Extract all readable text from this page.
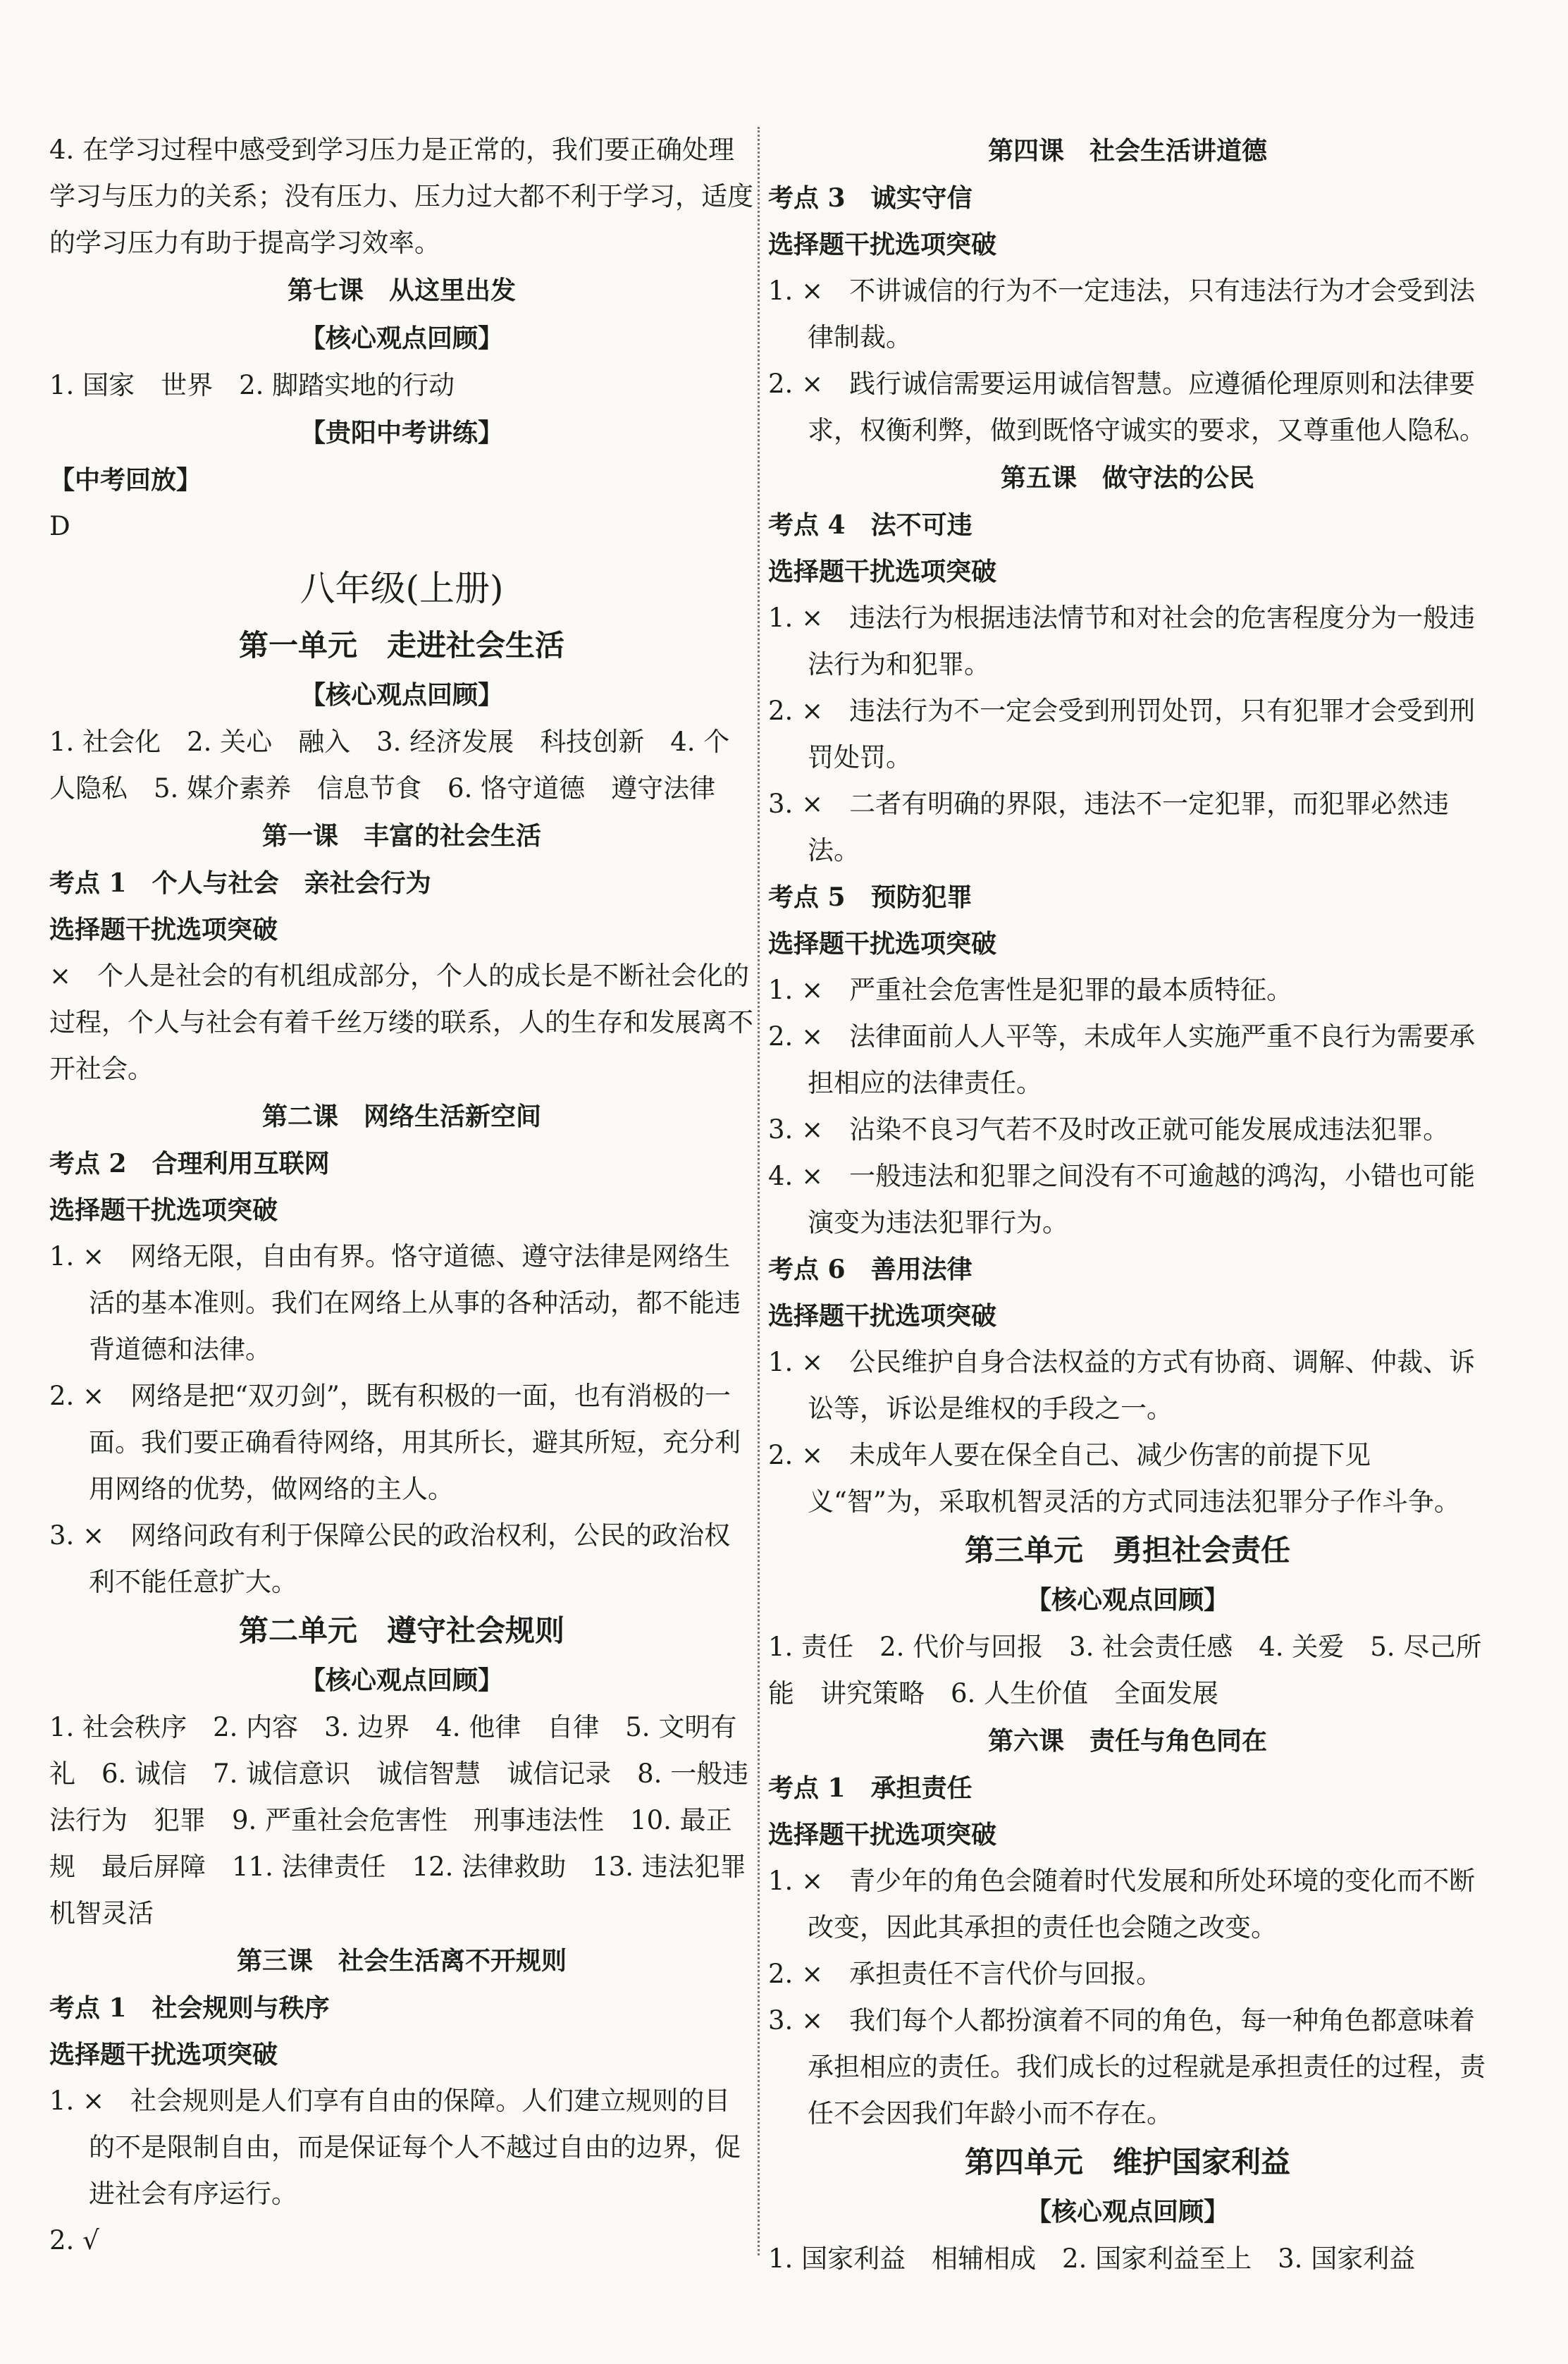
4. 在学习过程中感受到学习压力是正常的，我们要正确处理学习与压力的关系；没有压力、压力过大都不利于学习，适度的学习压力有助于提高学习效率。
第七课　从这里出发
【核心观点回顾】
1. 国家　世界　2. 脚踏实地的行动
【贵阳中考讲练】
【中考回放】
D
八年级(上册)
第一单元　走进社会生活
【核心观点回顾】
1. 社会化　2. 关心　融入　3. 经济发展　科技创新　4. 个人隐私　5. 媒介素养　信息节食　6. 恪守道德　遵守法律
第一课　丰富的社会生活
考点 1 个人与社会　亲社会行为
选择题干扰选项突破
×　个人是社会的有机组成部分，个人的成长是不断社会化的过程，个人与社会有着千丝万缕的联系，人的生存和发展离不开社会。
第二课　网络生活新空间
考点 2 合理利用互联网
选择题干扰选项突破
1. ×　网络无限，自由有界。恪守道德、遵守法律是网络生活的基本准则。我们在网络上从事的各种活动，都不能违背道德和法律。
2. ×　网络是把“双刃剑”，既有积极的一面，也有消极的一面。我们要正确看待网络，用其所长，避其所短，充分利用网络的优势，做网络的主人。
3. ×　网络问政有利于保障公民的政治权利，公民的政治权利不能任意扩大。
第二单元　遵守社会规则
【核心观点回顾】
1. 社会秩序　2. 内容　3. 边界　4. 他律　自律　5. 文明有礼　6. 诚信　7. 诚信意识　诚信智慧　诚信记录　8. 一般违法行为　犯罪　9. 严重社会危害性　刑事违法性　10. 最正规　最后屏障　11. 法律责任　12. 法律救助　13. 违法犯罪　机智灵活
第三课　社会生活离不开规则
考点 1 社会规则与秩序
选择题干扰选项突破
1. ×　社会规则是人们享有自由的保障。人们建立规则的目的不是限制自由，而是保证每个人不越过自由的边界，促进社会有序运行。
2. √
第四课　社会生活讲道德
考点 3 诚实守信
选择题干扰选项突破
1. ×　不讲诚信的行为不一定违法，只有违法行为才会受到法律制裁。
2. ×　践行诚信需要运用诚信智慧。应遵循伦理原则和法律要求，权衡利弊，做到既恪守诚实的要求，又尊重他人隐私。
第五课　做守法的公民
考点 4 法不可违
选择题干扰选项突破
1. ×　违法行为根据违法情节和对社会的危害程度分为一般违法行为和犯罪。
2. ×　违法行为不一定会受到刑罚处罚，只有犯罪才会受到刑罚处罚。
3. ×　二者有明确的界限，违法不一定犯罪，而犯罪必然违法。
考点 5 预防犯罪
选择题干扰选项突破
1. ×　严重社会危害性是犯罪的最本质特征。
2. ×　法律面前人人平等，未成年人实施严重不良行为需要承担相应的法律责任。
3. ×　沾染不良习气若不及时改正就可能发展成违法犯罪。
4. ×　一般违法和犯罪之间没有不可逾越的鸿沟，小错也可能演变为违法犯罪行为。
考点 6 善用法律
选择题干扰选项突破
1. ×　公民维护自身合法权益的方式有协商、调解、仲裁、诉讼等，诉讼是维权的手段之一。
2. ×　未成年人要在保全自己、减少伤害的前提下见义“智”为，采取机智灵活的方式同违法犯罪分子作斗争。
第三单元　勇担社会责任
【核心观点回顾】
1. 责任　2. 代价与回报　3. 社会责任感　4. 关爱　5. 尽己所能　讲究策略　6. 人生价值　全面发展
第六课　责任与角色同在
考点 1 承担责任
选择题干扰选项突破
1. ×　青少年的角色会随着时代发展和所处环境的变化而不断改变，因此其承担的责任也会随之改变。
2. ×　承担责任不言代价与回报。
3. ×　我们每个人都扮演着不同的角色，每一种角色都意味着承担相应的责任。我们成长的过程就是承担责任的过程，责任不会因我们年龄小而不存在。
第四单元　维护国家利益
【核心观点回顾】
1. 国家利益　相辅相成　2. 国家利益至上　3. 国家利益
